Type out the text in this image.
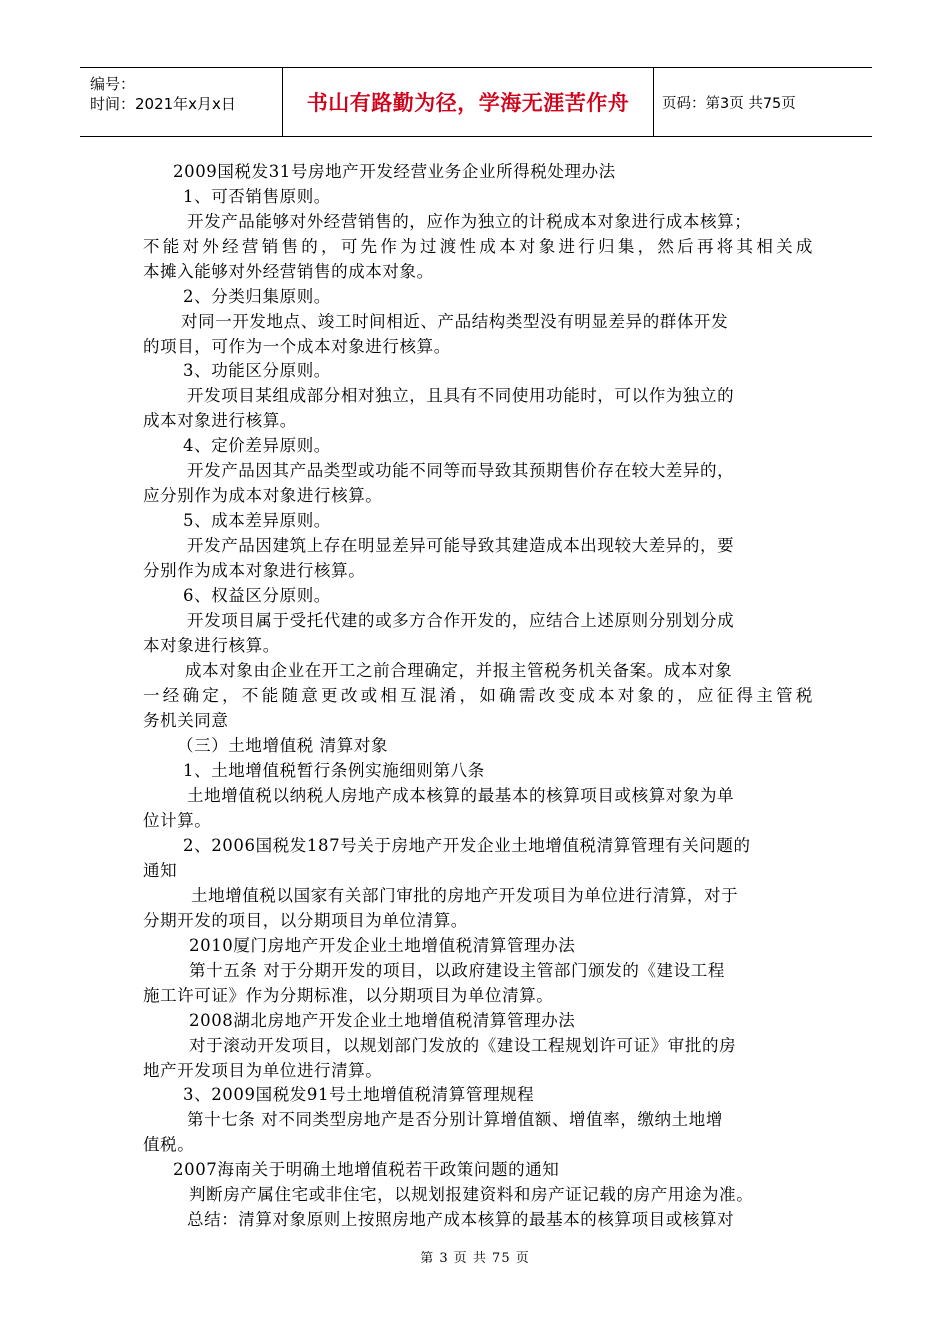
编号：
时间：2021年x月x日	书山有路勤为径，学海无涯苦作舟	页码：第3页 共75页
2009国税发31号房地产开发经营业务企业所得税处理办法
1、可否销售原则。
开发产品能够对外经营销售的，应作为独立的计税成本对象进行成本核算；
不能对外经营销售的，可先作为过渡性成本对象进行归集，然后再将其相关成
本摊入能够对外经营销售的成本对象。
2、分类归集原则。
对同一开发地点、竣工时间相近、产品结构类型没有明显差异的群体开发
的项目，可作为一个成本对象进行核算。
3、功能区分原则。
开发项目某组成部分相对独立，且具有不同使用功能时，可以作为独立的
成本对象进行核算。
4、定价差异原则。
开发产品因其产品类型或功能不同等而导致其预期售价存在较大差异的，
应分别作为成本对象进行核算。
5、成本差异原则。
开发产品因建筑上存在明显差异可能导致其建造成本出现较大差异的，要
分别作为成本对象进行核算。
6、权益区分原则。
开发项目属于受托代建的或多方合作开发的，应结合上述原则分别划分成
本对象进行核算。
成本对象由企业在开工之前合理确定，并报主管税务机关备案。成本对象
一经确定，不能随意更改或相互混淆，如确需改变成本对象的，应征得主管税
务机关同意
（三）土地增值税 清算对象
1、土地增值税暂行条例实施细则第八条
土地增值税以纳税人房地产成本核算的最基本的核算项目或核算对象为单
位计算。
2、2006国税发187号关于房地产开发企业土地增值税清算管理有关问题的
通知
土地增值税以国家有关部门审批的房地产开发项目为单位进行清算，对于
分期开发的项目，以分期项目为单位清算。
2010厦门房地产开发企业土地增值税清算管理办法
第十五条 对于分期开发的项目，以政府建设主管部门颁发的《建设工程
施工许可证》作为分期标准，以分期项目为单位清算。
2008湖北房地产开发企业土地增值税清算管理办法
对于滚动开发项目，以规划部门发放的《建设工程规划许可证》审批的房
地产开发项目为单位进行清算。
3、2009国税发91号土地增值税清算管理规程
第十七条 对不同类型房地产是否分别计算增值额、增值率，缴纳土地增
值税。
2007海南关于明确土地增值税若干政策问题的通知
判断房产属住宅或非住宅，以规划报建资料和房产证记载的房产用途为准。
总结：清算对象原则上按照房地产成本核算的最基本的核算项目或核算对
第 3 页 共 75 页
